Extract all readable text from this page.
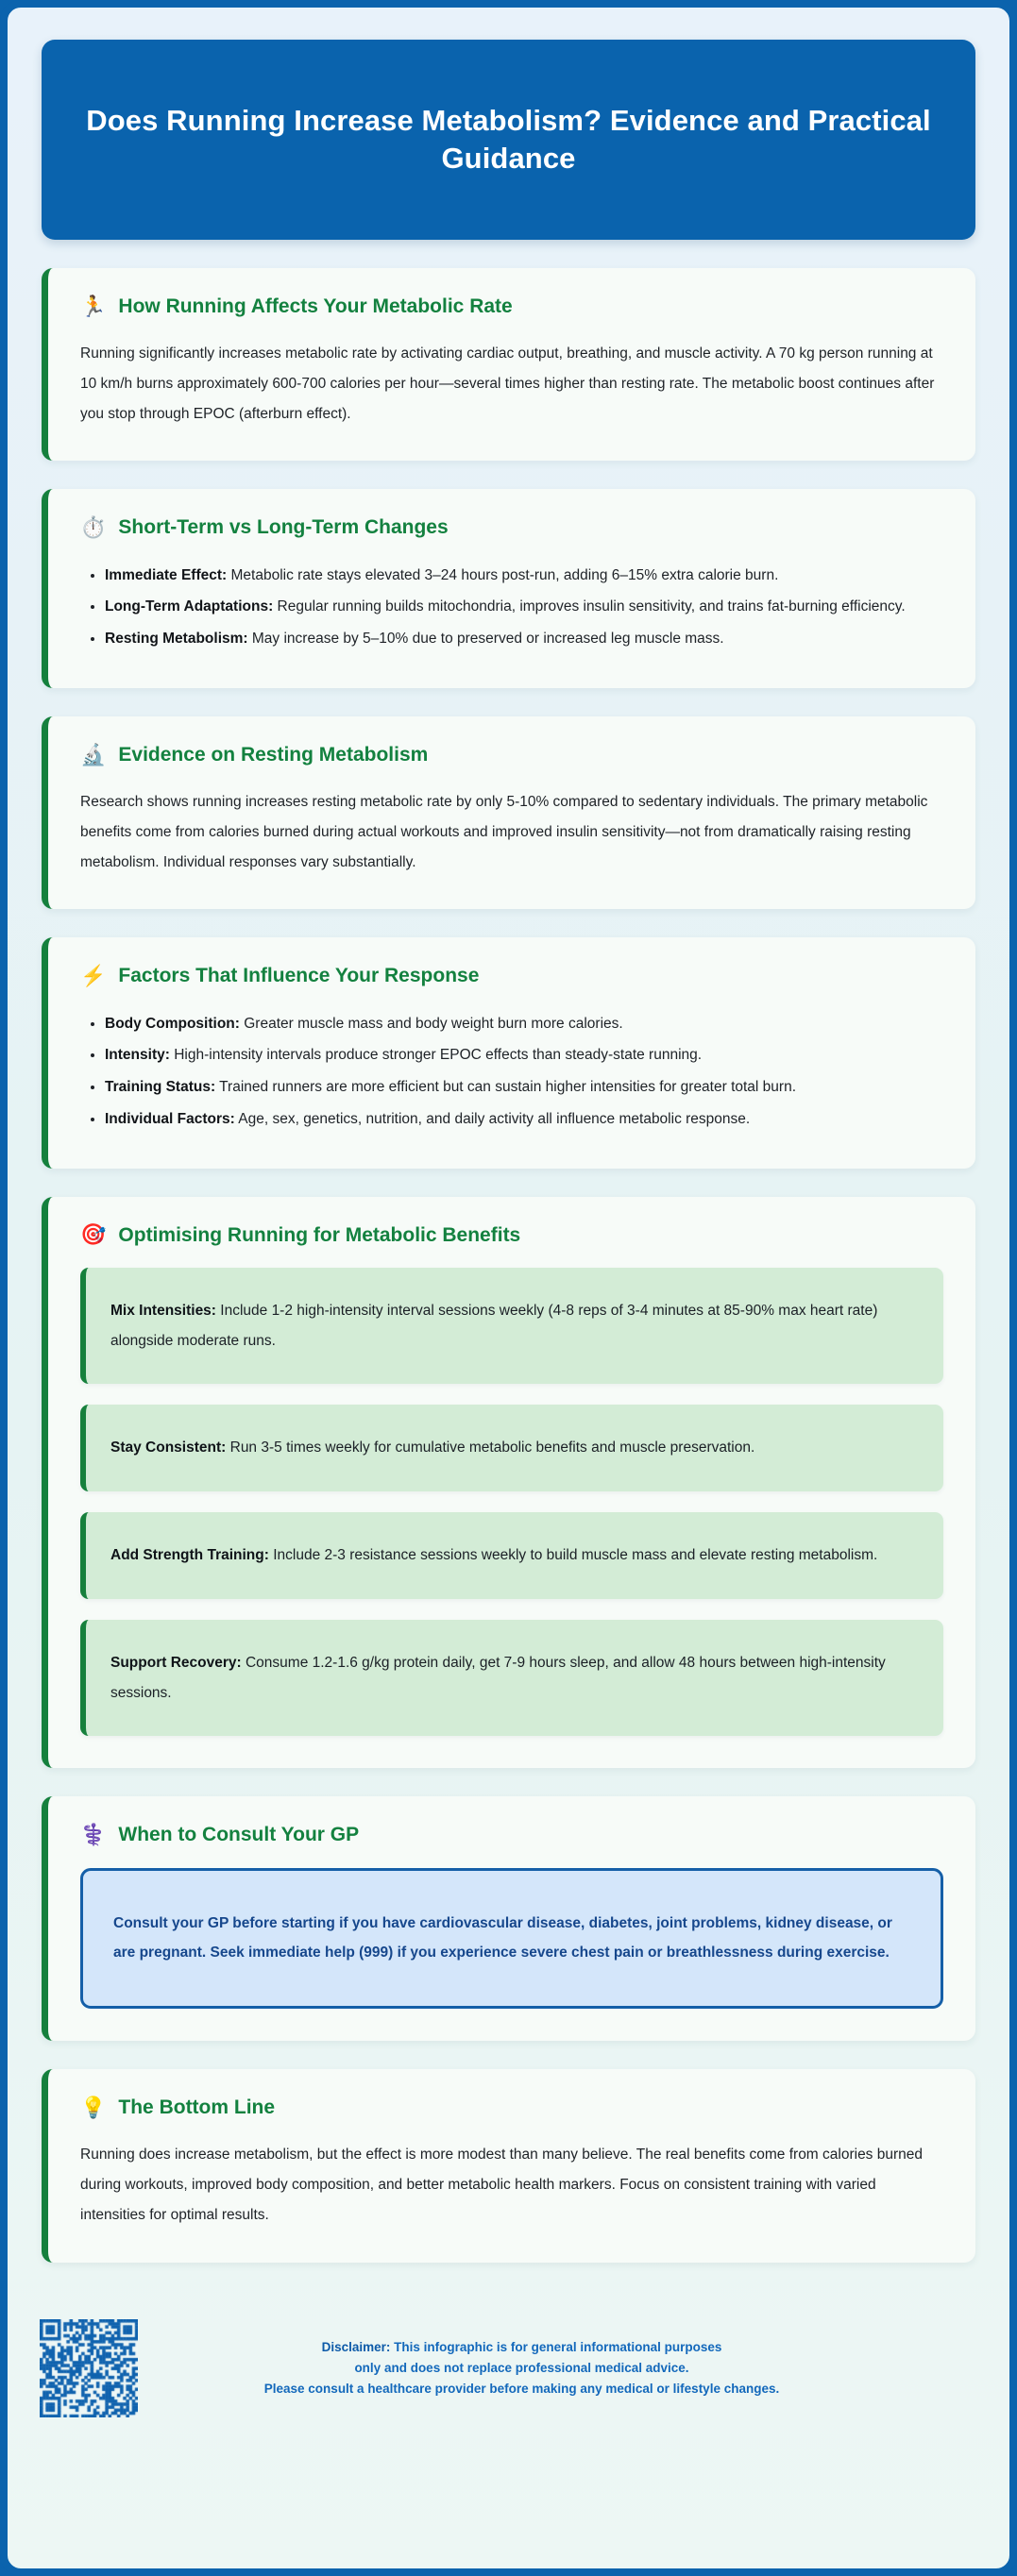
Does Running Increase Metabolism? Evidence and Practical Guidance
🏃 How Running Affects Your Metabolic Rate
Running significantly increases metabolic rate by activating cardiac output, breathing, and muscle activity. A 70 kg person running at 10 km/h burns approximately 600-700 calories per hour—several times higher than resting rate. The metabolic boost continues after you stop through EPOC (afterburn effect).
⏱️ Short-Term vs Long-Term Changes
• Immediate Effect: Metabolic rate stays elevated 3–24 hours post-run, adding 6–15% extra calorie burn.
• Long-Term Adaptations: Regular running builds mitochondria, improves insulin sensitivity, and trains fat-burning efficiency.
• Resting Metabolism: May increase by 5–10% due to preserved or increased leg muscle mass.
🔬 Evidence on Resting Metabolism
Research shows running increases resting metabolic rate by only 5-10% compared to sedentary individuals. The primary metabolic benefits come from calories burned during actual workouts and improved insulin sensitivity—not from dramatically raising resting metabolism. Individual responses vary substantially.
⚡ Factors That Influence Your Response
• Body Composition: Greater muscle mass and body weight burn more calories.
• Intensity: High-intensity intervals produce stronger EPOC effects than steady-state running.
• Training Status: Trained runners are more efficient but can sustain higher intensities for greater total burn.
• Individual Factors: Age, sex, genetics, nutrition, and daily activity all influence metabolic response.
🎯 Optimising Running for Metabolic Benefits
Mix Intensities: Include 1-2 high-intensity interval sessions weekly (4-8 reps of 3-4 minutes at 85-90% max heart rate) alongside moderate runs.
Stay Consistent: Run 3-5 times weekly for cumulative metabolic benefits and muscle preservation.
Add Strength Training: Include 2-3 resistance sessions weekly to build muscle mass and elevate resting metabolism.
Support Recovery: Consume 1.2-1.6 g/kg protein daily, get 7-9 hours sleep, and allow 48 hours between high-intensity sessions.
⚕️ When to Consult Your GP
Consult your GP before starting if you have cardiovascular disease, diabetes, joint problems, kidney disease, or are pregnant. Seek immediate help (999) if you experience severe chest pain or breathlessness during exercise.
💡 The Bottom Line
Running does increase metabolism, but the effect is more modest than many believe. The real benefits come from calories burned during workouts, improved body composition, and better metabolic health markers. Focus on consistent training with varied intensities for optimal results.
Disclaimer: This infographic is for general informational purposes
only and does not replace professional medical advice.
Please consult a healthcare provider before making any medical or lifestyle changes.
